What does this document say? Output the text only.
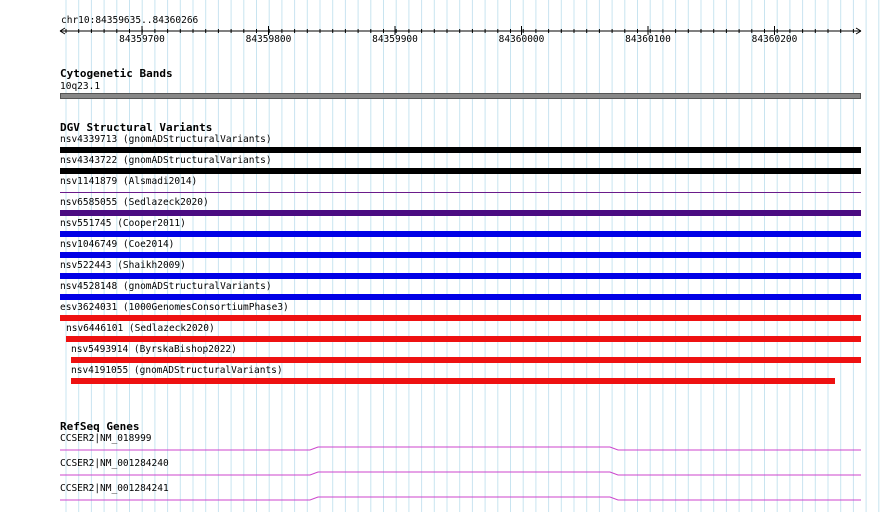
chr10:84359635..84360266
84359700	84359800	84359900	84360000	84360100	84360200
Cytogenetic Bands
10q23.1
DGV Structural Variants
nsv4339713 (gnomADStructuralVariants)
nsv4343722 (gnomADStructuralVariants)
nsv1141879 (Alsmadi2014)
nsv6585055 (Sedlazeck2020)
nsv551745 (Cooper2011)
nsv1046749 (Coe2014)
nsv522443 (Shaikh2009)
nsv4528148 (gnomADStructuralVariants)
esv3624031 (1000GenomesConsortiumPhase3)
nsv6446101 (Sedlazeck2020)
nsv5493914 (ByrskaBishop2022)
nsv4191055 (gnomADStructuralVariants)
RefSeq Genes
CCSER2|NM_018999
CCSER2|NM_001284240
CCSER2|NM_001284241
